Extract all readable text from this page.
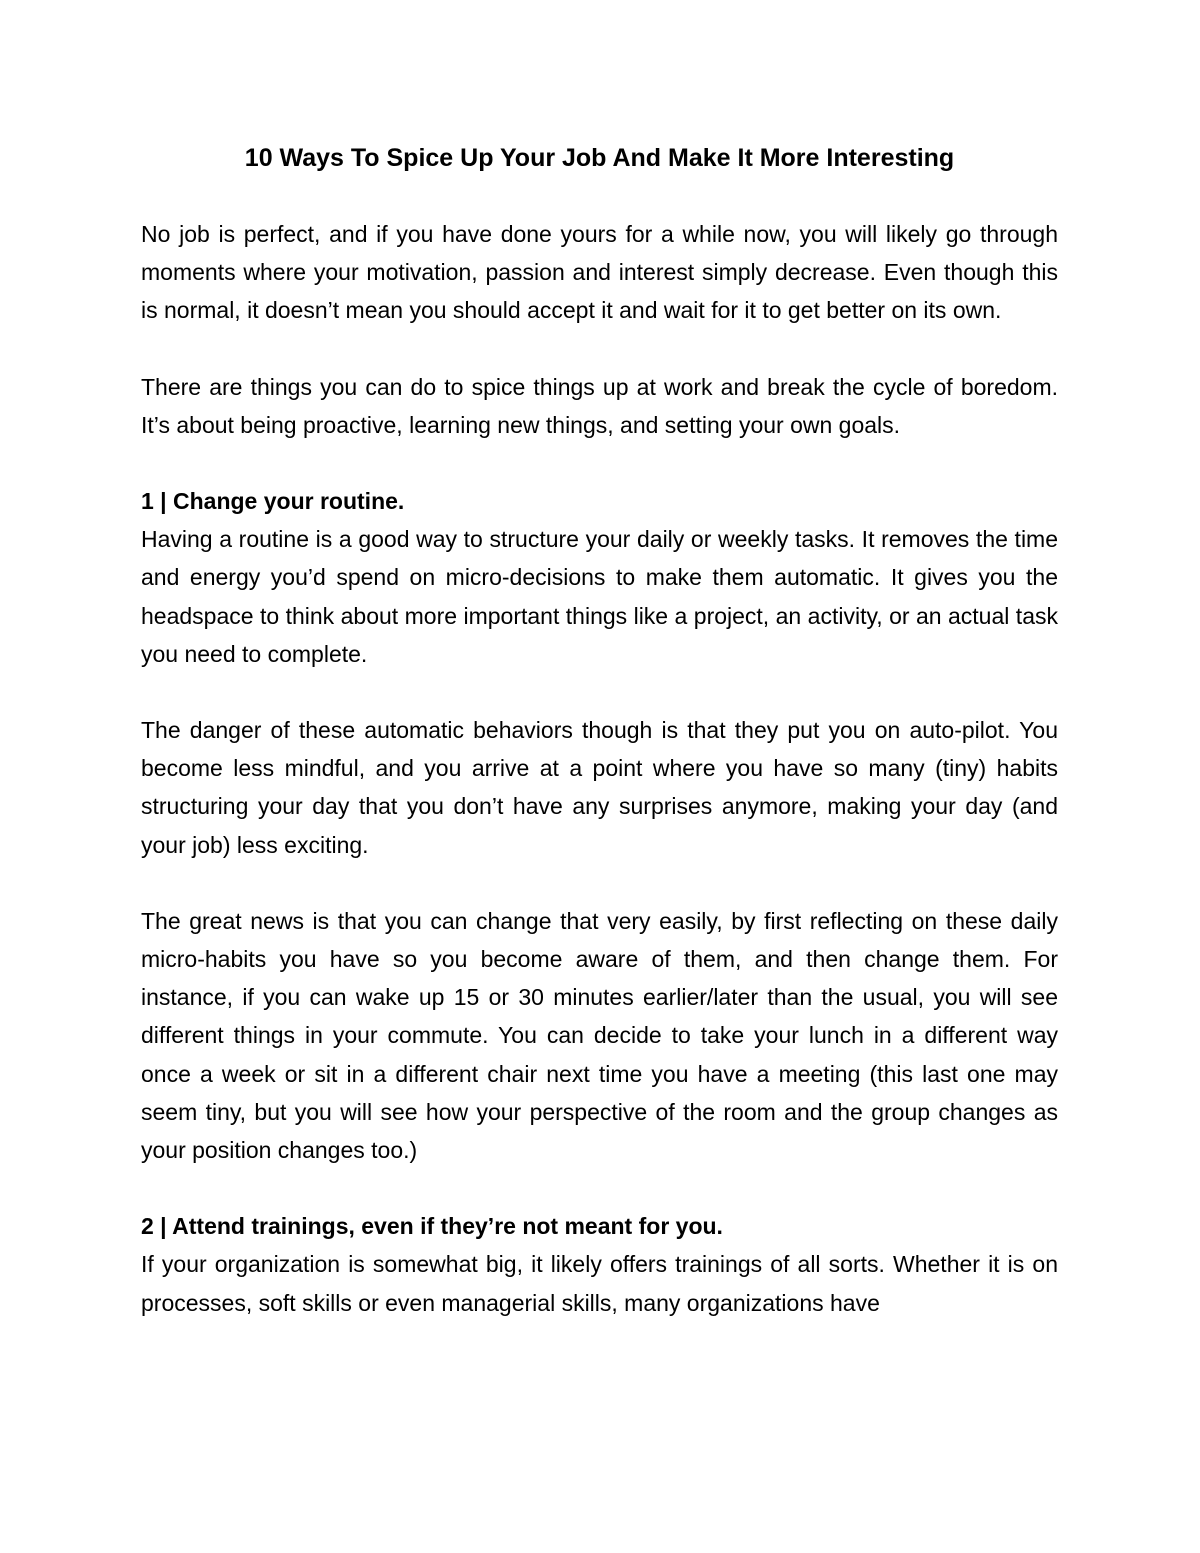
10 Ways To Spice Up Your Job And Make It More Interesting

No job is perfect, and if you have done yours for a while now, you will likely go through moments where your motivation, passion and interest simply decrease. Even though this is normal, it doesn’t mean you should accept it and wait for it to get better on its own.

There are things you can do to spice things up at work and break the cycle of boredom. It’s about being proactive, learning new things, and setting your own goals.

1 | Change your routine.

Having a routine is a good way to structure your daily or weekly tasks. It removes the time and energy you’d spend on micro-decisions to make them automatic. It gives you the headspace to think about more important things like a project, an activity, or an actual task you need to complete.

The danger of these automatic behaviors though is that they put you on auto-pilot. You become less mindful, and you arrive at a point where you have so many (tiny) habits structuring your day that you don’t have any surprises anymore, making your day (and your job) less exciting.

The great news is that you can change that very easily, by first reflecting on these daily micro-habits you have so you become aware of them, and then change them. For instance, if you can wake up 15 or 30 minutes earlier/later than the usual, you will see different things in your commute. You can decide to take your lunch in a different way once a week or sit in a different chair next time you have a meeting (this last one may seem tiny, but you will see how your perspective of the room and the group changes as your position changes too.)

2 | Attend trainings, even if they’re not meant for you.

If your organization is somewhat big, it likely offers trainings of all sorts. Whether it is on processes, soft skills or even managerial skills, many organizations have
